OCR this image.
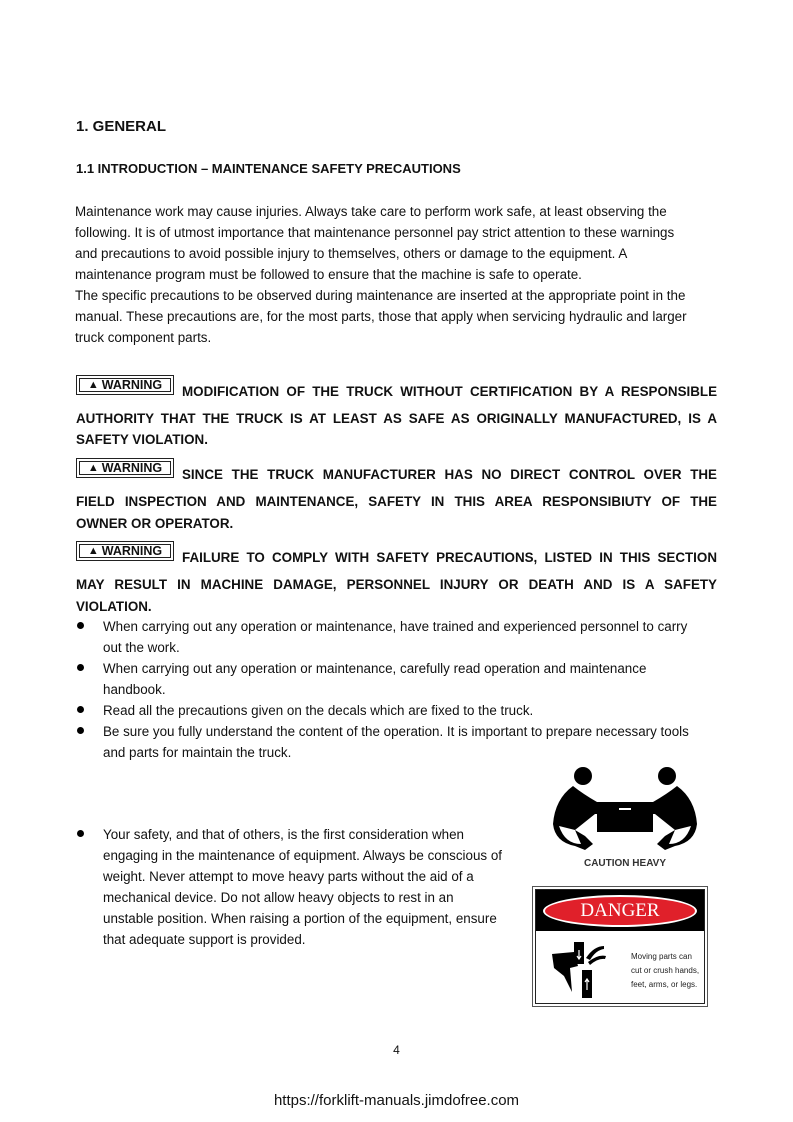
1. GENERAL
1.1 INTRODUCTION – MAINTENANCE SAFETY PRECAUTIONS
Maintenance work may cause injuries. Always take care to perform work safe, at least observing the
following. It is of utmost importance that maintenance personnel pay strict attention to these warnings
and precautions to avoid possible injury to themselves, others or damage to the equipment. A
maintenance program must be followed to ensure that the machine is safe to operate.
The specific precautions to be observed during maintenance are inserted at the appropriate point in the
manual. These precautions are, for the most parts, those that apply when servicing hydraulic and larger
truck component parts.
▲ WARNING MODIFICATION OF THE TRUCK WITHOUT CERTIFICATION BY A RESPONSIBLE
AUTHORITY THAT THE TRUCK IS AT LEAST AS SAFE AS ORIGINALLY MANUFACTURED, IS A
SAFETY VIOLATION.
▲ WARNING SINCE THE TRUCK MANUFACTURER HAS NO DIRECT CONTROL OVER THE
FIELD INSPECTION AND MAINTENANCE, SAFETY IN THIS AREA RESPONSIBIUTY OF THE
OWNER OR OPERATOR.
▲ WARNING FAILURE TO COMPLY WITH SAFETY PRECAUTIONS, LISTED IN THIS SECTION
MAY RESULT IN MACHINE DAMAGE, PERSONNEL INJURY OR DEATH AND IS A SAFETY
VIOLATION.
When carrying out any operation or maintenance, have trained and experienced personnel to carry
out the work.
When carrying out any operation or maintenance, carefully read operation and maintenance
handbook.
Read all the precautions given on the decals which are fixed to the truck.
Be sure you fully understand the content of the operation. It is important to prepare necessary tools
and parts for maintain the truck.
Your safety, and that of others, is the first consideration when
engaging in the maintenance of equipment. Always be conscious of
weight. Never attempt to move heavy parts without the aid of a
mechanical device. Do not allow heavy objects to rest in an
unstable position. When raising a portion of the equipment, ensure
that adequate support is provided.
CAUTION HEAVY
DANGER
Moving parts can
cut or crush hands,
feet, arms, or legs.
4
https://forklift-manuals.jimdofree.com
